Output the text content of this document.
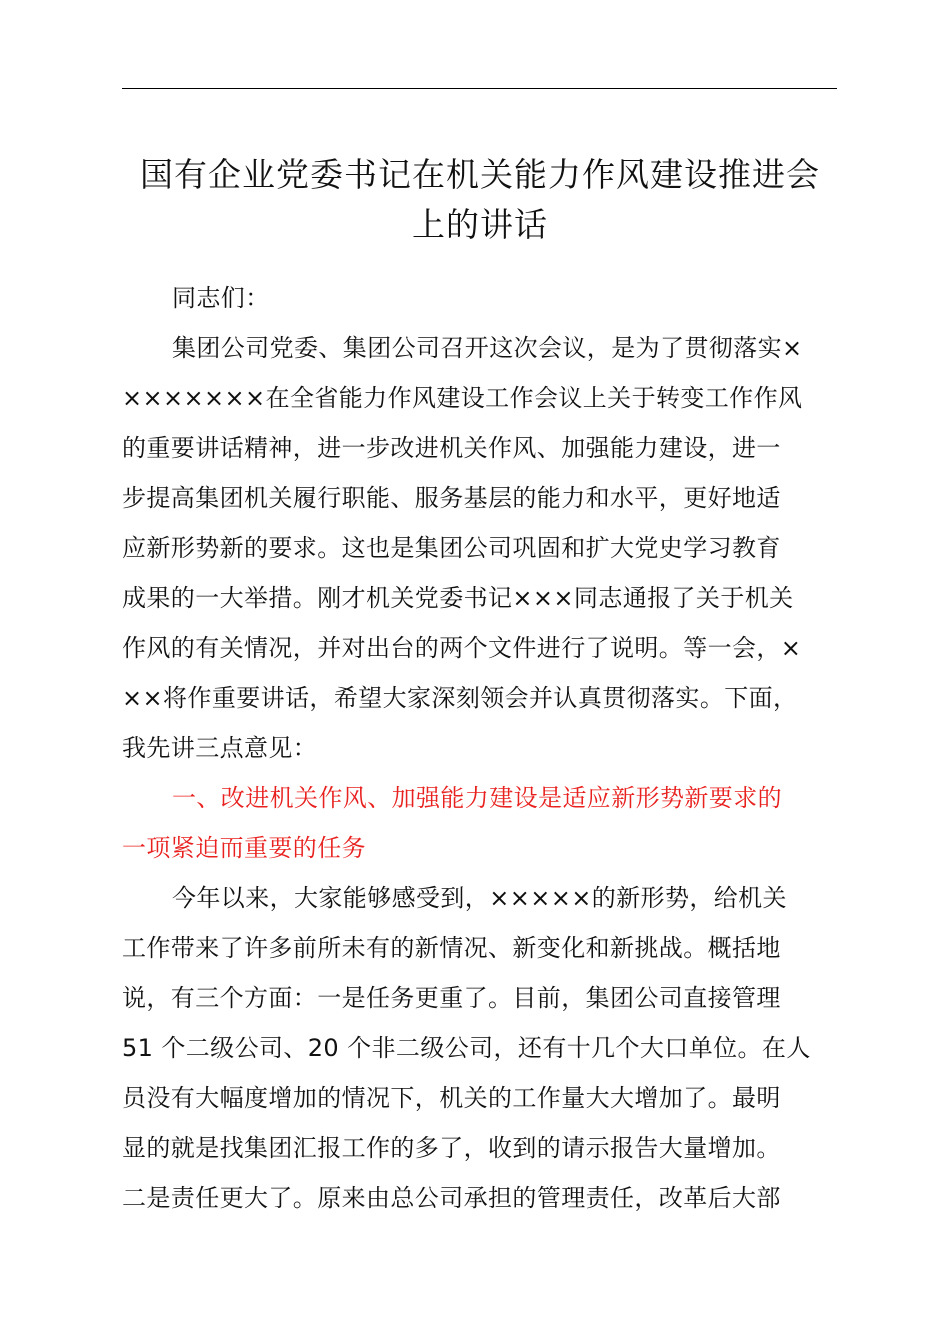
国有企业党委书记在机关能力作风建设推进会
上的讲话
同志们：
集团公司党委、集团公司召开这次会议，是为了贯彻落实×
×××××××在全省能力作风建设工作会议上关于转变工作作风
的重要讲话精神，进一步改进机关作风、加强能力建设，进一
步提高集团机关履行职能、服务基层的能力和水平，更好地适
应新形势新的要求。这也是集团公司巩固和扩大党史学习教育
成果的一大举措。刚才机关党委书记×××同志通报了关于机关
作风的有关情况，并对出台的两个文件进行了说明。等一会，×
××将作重要讲话，希望大家深刻领会并认真贯彻落实。下面，
我先讲三点意见：
一、改进机关作风、加强能力建设是适应新形势新要求的
一项紧迫而重要的任务
今年以来，大家能够感受到，×××××的新形势，给机关
工作带来了许多前所未有的新情况、新变化和新挑战。概括地
说，有三个方面：一是任务更重了。目前，集团公司直接管理
51 个二级公司、20 个非二级公司，还有十几个大口单位。在人
员没有大幅度增加的情况下，机关的工作量大大增加了。最明
显的就是找集团汇报工作的多了，收到的请示报告大量增加。
二是责任更大了。原来由总公司承担的管理责任，改革后大部
